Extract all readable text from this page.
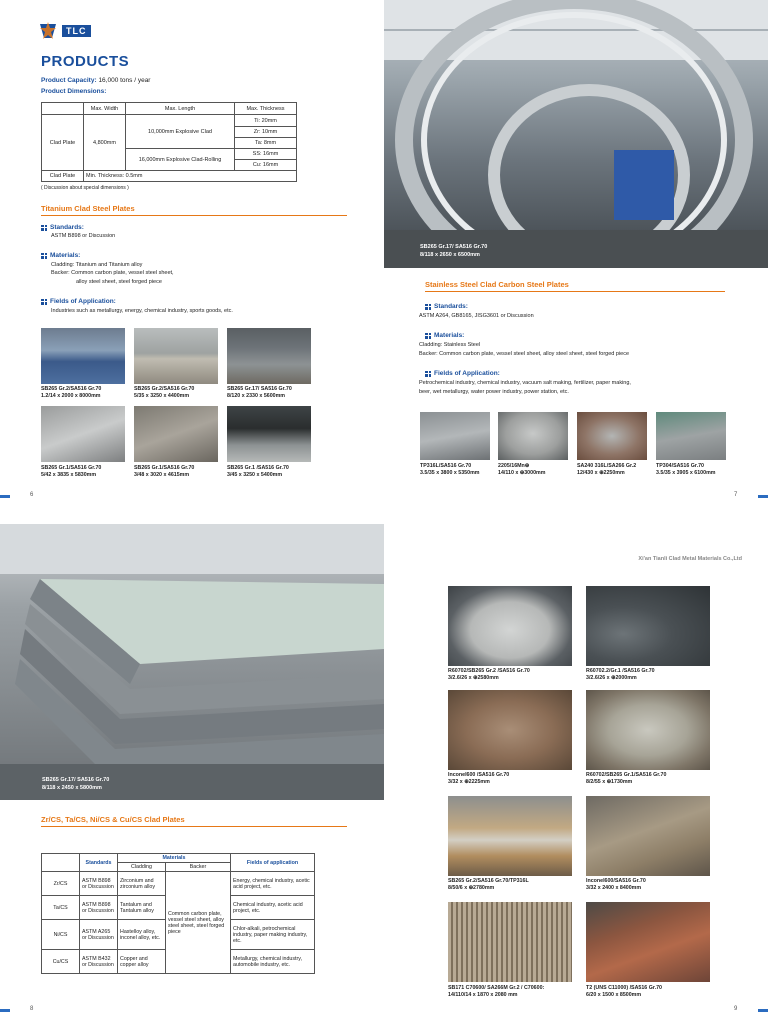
TLC
PRODUCTS
Product Capacity: 16,000 tons / year
Product Dimensions:
	Max. Width	Max. Length	Max. Thickness
Clad Plate	4,800mm	10,000mm Explosive Clad	Ti: 20mm
			Zr: 10mm
			Ta: 8mm
		16,000mm Explosive Clad-Rolling	SS: 16mm
			Cu: 16mm
Clad Plate	Min. Thickness: 0.5mm		
( Discussion about special dimensions )
Titanium Clad Steel Plates
Standards:
ASTM B898 or Discussion
Materials:
Cladding: Titanium and Titanium alloy
Backer: Common carbon plate, vessel steel sheet,
alloy steel sheet, steel forged piece
Fields of Application:
Industries such as metallurgy, energy, chemical industry, sports goods, etc.
SB265 Gr.2/SA516 Gr.70
1.2/14 x 2000 x 8000mm
SB265 Gr.2/SA516 Gr.70
5/35 x 3250 x 4400mm
SB265 Gr.17/ SA516 Gr.70
8/120 x 2330 x 5600mm
SB265 Gr.1/SA516 Gr.70
5/42 x 3835 x 5830mm
SB265 Gr.1/SA516 Gr.70
3/48 x 3020 x 4615mm
SB265 Gr.1 /SA516 Gr.70
3/45 x 3250 x 5400mm
6
SB265 Gr.17/ SA516 Gr.70
8/118 x 2650 x 6500mm
Stainless Steel Clad Carbon Steel Plates
Standards:
ASTM A264, GB8165, JISG3601 or Discussion
Materials:
Cladding: Stainless Steel
Backer: Common carbon plate, vessel steel sheet, alloy steel sheet, steel forged piece
Fields of Application:
Petrochemical industry, chemical industry, vacuum salt making, fertilizer, paper making,
beer, wet metallurgy, water power industry, power station, etc.
TP316L/SA516 Gr.70
3.5/35 x 3800 x 5350mm
2205/16Mn⊕
14/110 x ⊕3000mm
SA240 316L/SA266 Gr.2
12/430 x ⊕2250mm
TP304/SA516 Gr.70
3.5/35 x 3905 x 6100mm
7
SB265 Gr.17/ SA516 Gr.70
8/118 x 2450 x 5800mm
Zr/CS, Ta/CS, Ni/CS & Cu/CS Clad Plates
	Standards	Materials		Fields of application
		Cladding	Backer	
Zr/CS	ASTM B898 or Discussion	Zirconium and zirconium alloy	Common carbon plate, vessel steel sheet, alloy steel sheet, steel forged piece	Energy, chemical industry, acetic acid project, etc.
Ta/CS	ASTM B898 or Discussion	Tantalum and Tantalum alloy		Chemical industry, acetic acid project, etc.
Ni/CS	ASTM A265 or Discussion	Hastelloy alloy, inconel alloy, etc.		Chlor-alkali, petrochemical industry, paper making industry, etc.
Cu/CS	ASTM B432 or Discussion	Copper and copper alloy		Metallurgy, chemical industry, automobile industry, etc.
8
Xi'an Tianli Clad Metal Materials Co.,Ltd
R60702/SB265 Gr.2 /SA516 Gr.70
3/2.6/26 x ⊕2580mm
R60702.2/Gr.1 /SA516 Gr.70
3/2.6/26 x ⊕2000mm
Inconel600 /SA516 Gr.70
3/32 x ⊕2225mm
R60702/SB265 Gr.1/SA516 Gr.70
8/2/55 x ⊕1730mm
SB265 Gr.2/SA516 Gr.70/TP316L
8/50/6 x ⊕2780mm
Inconel600/SA516 Gr.70
3/32 x 2400 x 8400mm
SB171 C70600/ SA266M Gr.2 / C70600:
14/110/14 x 1870 x 2080 mm
T2 (UNS C11000) /SA516 Gr.70
6/20 x 1500 x 8500mm
9
